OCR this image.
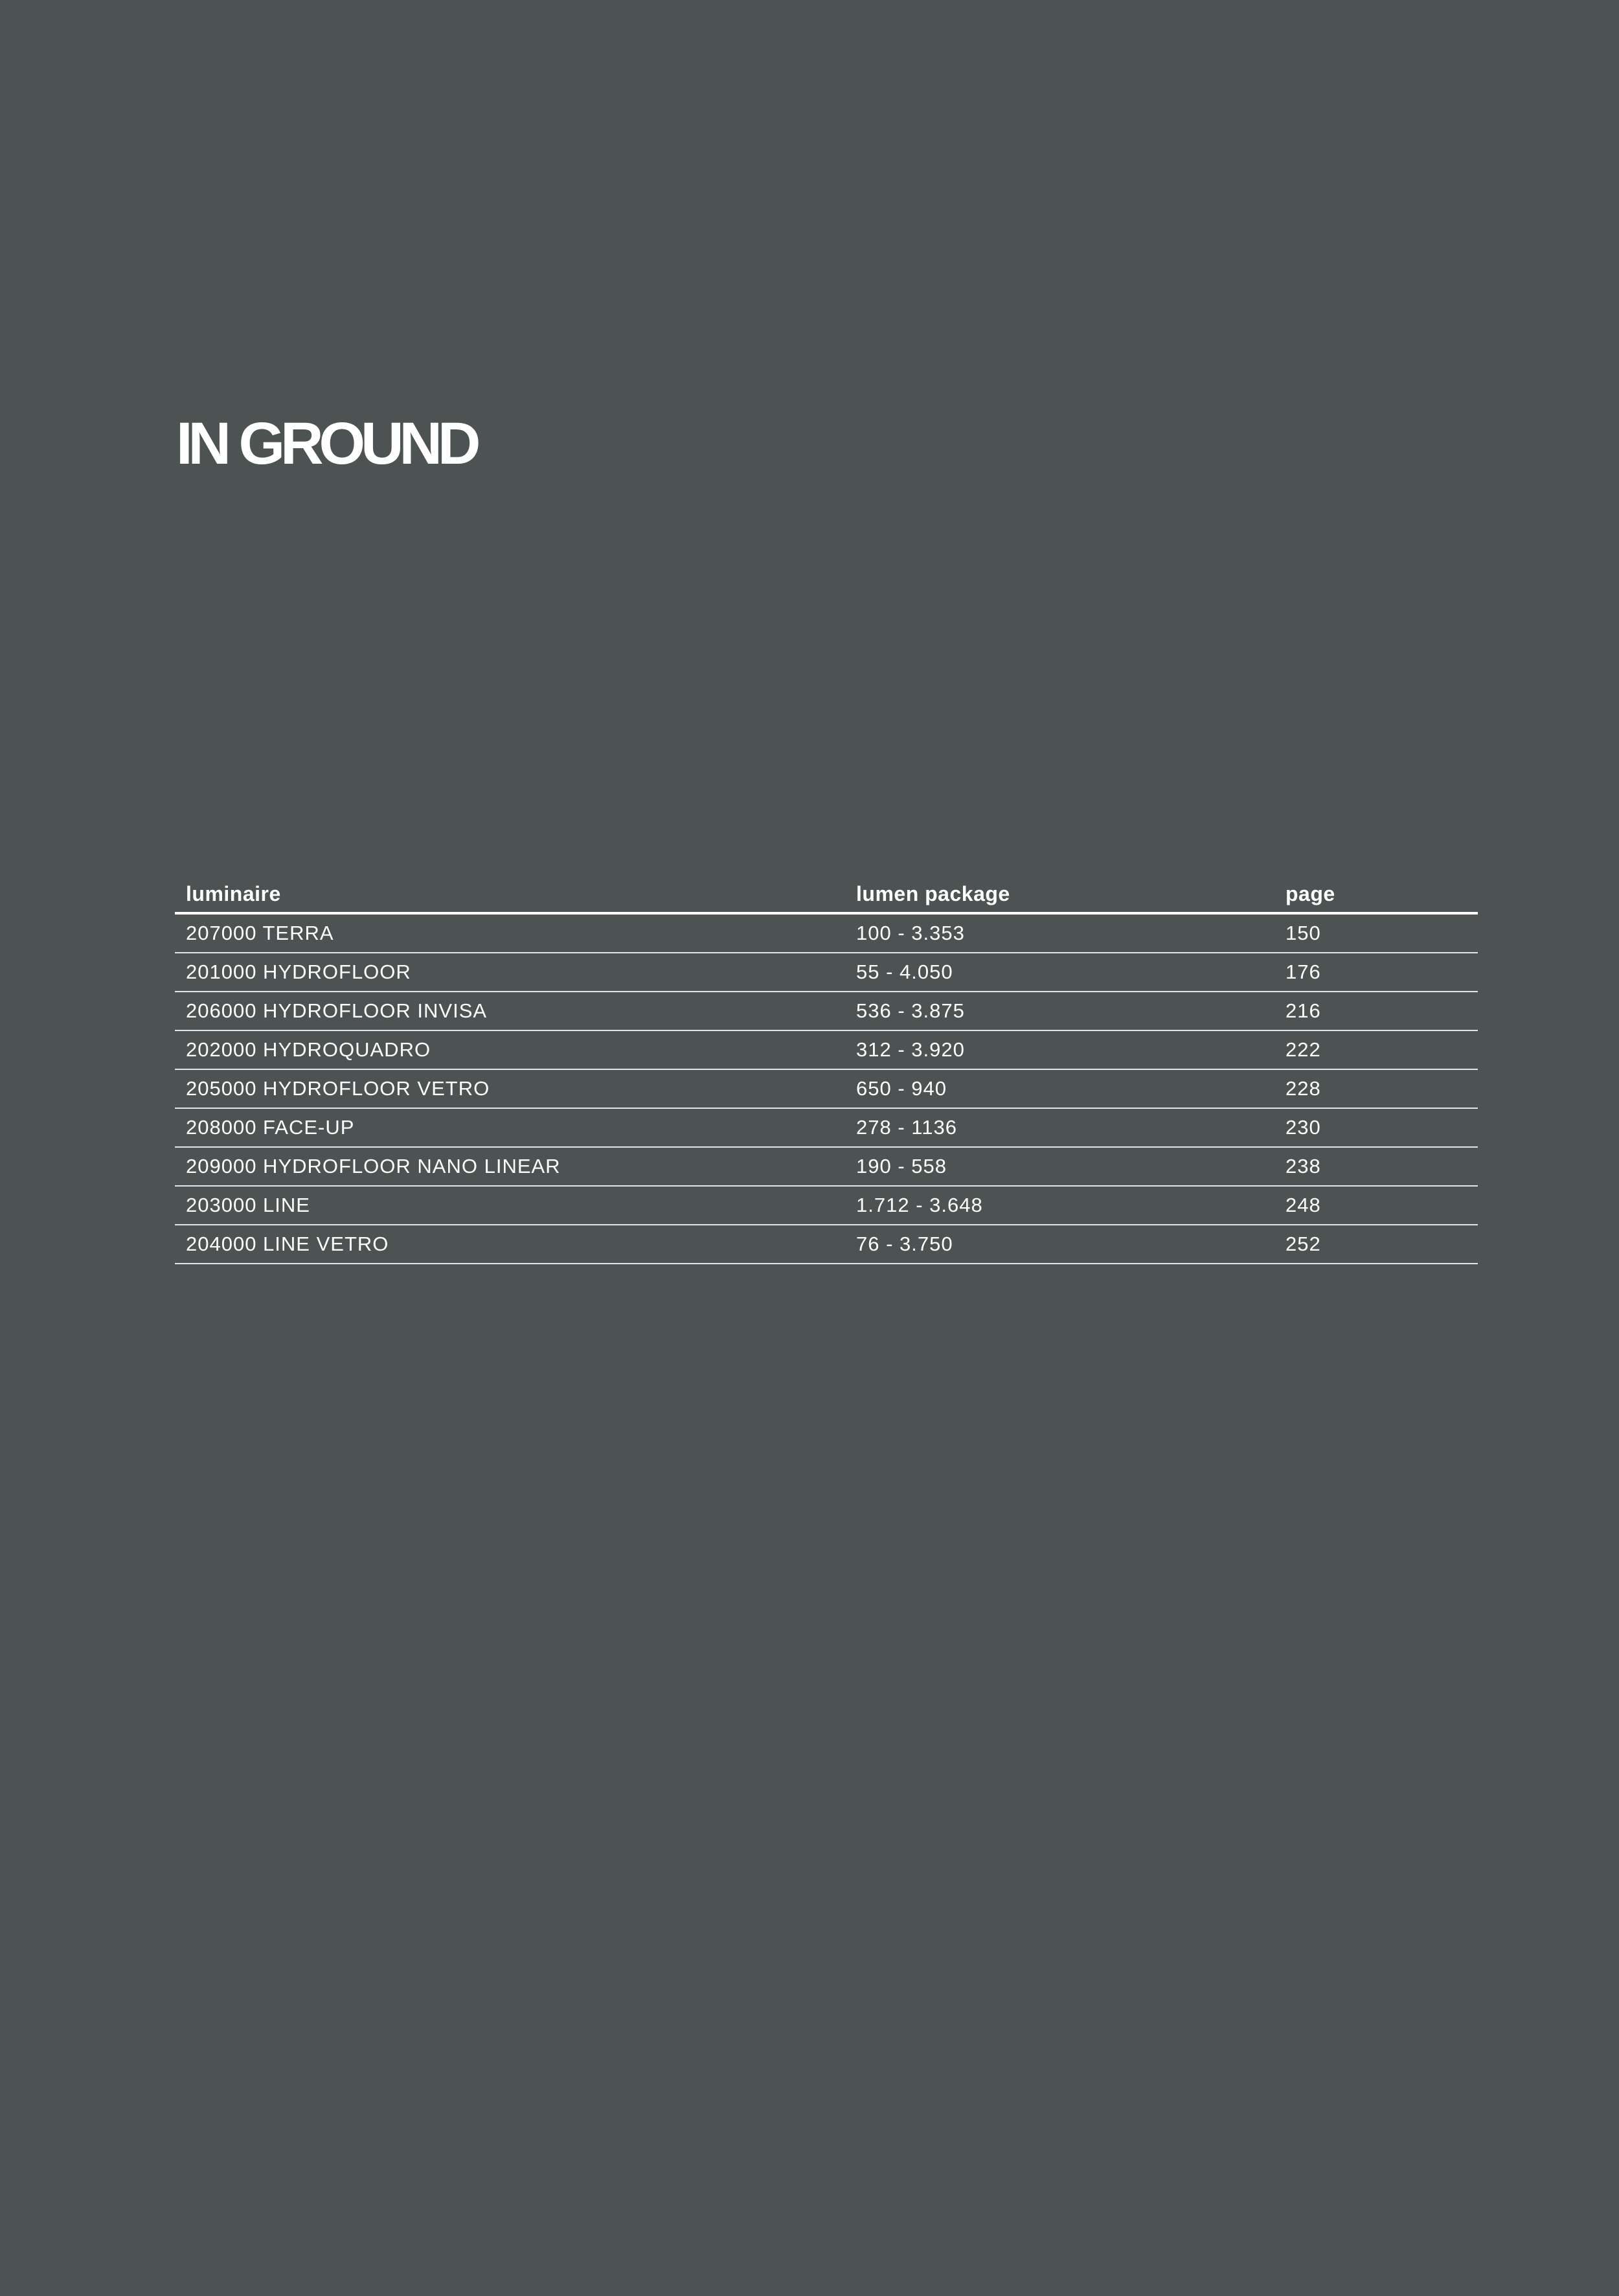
IN GROUND
luminaire	lumen package	page
207000 TERRA	100 - 3.353	150
201000 HYDROFLOOR	55 - 4.050	176
206000 HYDROFLOOR INVISA	536 - 3.875	216
202000 HYDROQUADRO	312 - 3.920	222
205000 HYDROFLOOR VETRO	650 - 940	228
208000 FACE-UP	278 - 1136	230
209000 HYDROFLOOR NANO LINEAR	190 - 558	238
203000 LINE	1.712 - 3.648	248
204000 LINE VETRO	76 - 3.750	252
